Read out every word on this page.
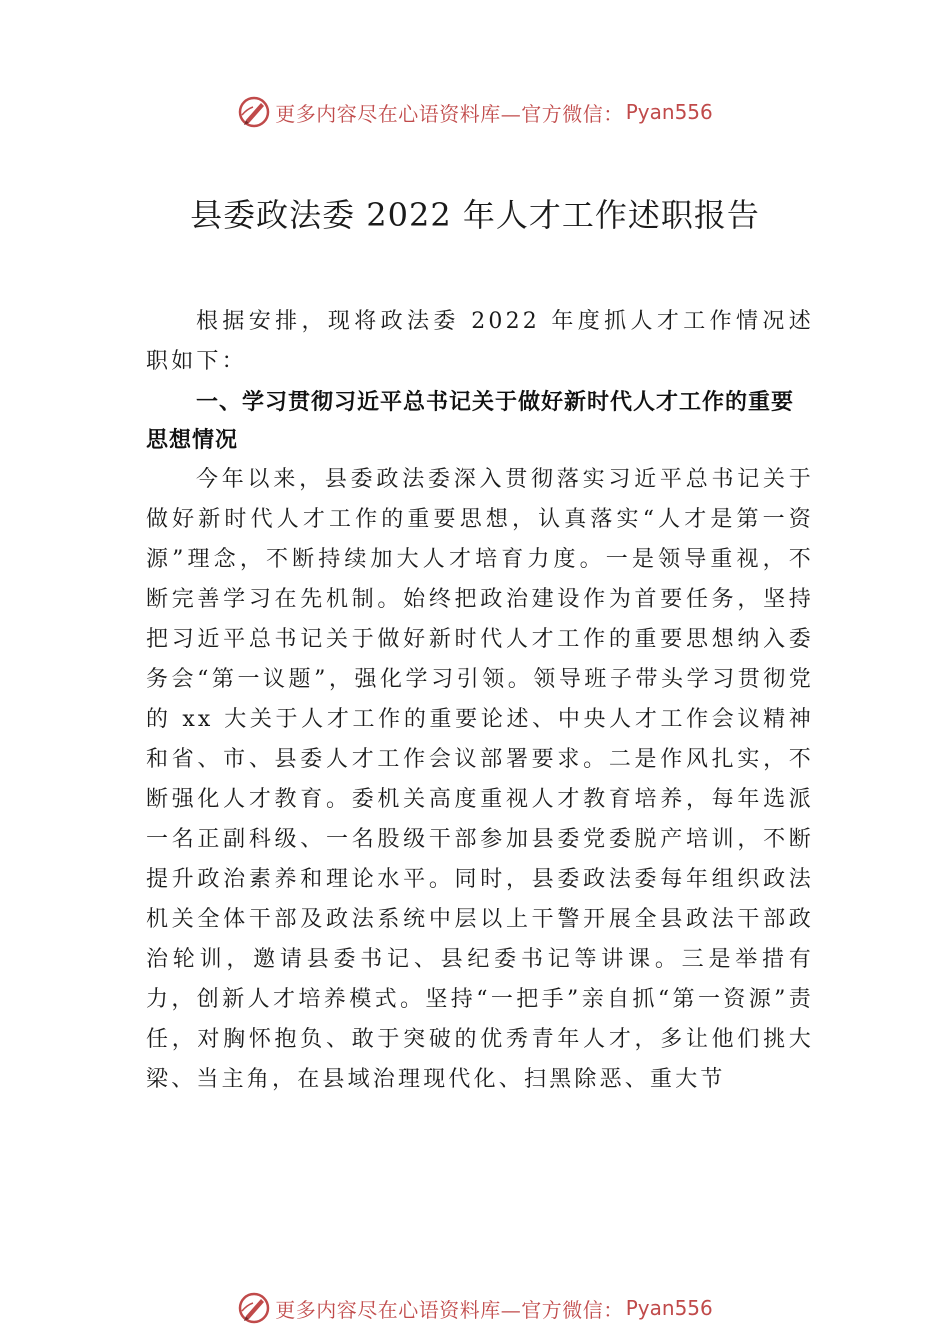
更多内容尽在心语资料库—官方微信： Pyan556
县委政法委 2022 年人才工作述职报告
根据安排，现将政法委 2022 年度抓人才工作情况述职如下：
一、学习贯彻习近平总书记关于做好新时代人才工作的重要思想情况
今年以来，县委政法委深入贯彻落实习近平总书记关于做好新时代人才工作的重要思想，认真落实“人才是第一资源”理念，不断持续加大人才培育力度。一是领导重视，不断完善学习在先机制。始终把政治建设作为首要任务，坚持把习近平总书记关于做好新时代人才工作的重要思想纳入委务会“第一议题”，强化学习引领。领导班子带头学习贯彻党的 xx 大关于人才工作的重要论述、中央人才工作会议精神和省、市、县委人才工作会议部署要求。二是作风扎实，不断强化人才教育。委机关高度重视人才教育培养，每年选派一名正副科级、一名股级干部参加县委党委脱产培训，不断提升政治素养和理论水平。同时，县委政法委每年组织政法机关全体干部及政法系统中层以上干警开展全县政法干部政治轮训，邀请县委书记、县纪委书记等讲课。三是举措有力，创新人才培养模式。坚持“一把手”亲自抓“第一资源”责任，对胸怀抱负、敢于突破的优秀青年人才，多让他们挑大梁、当主角，在县域治理现代化、扫黑除恶、重大节
更多内容尽在心语资料库—官方微信： Pyan556
